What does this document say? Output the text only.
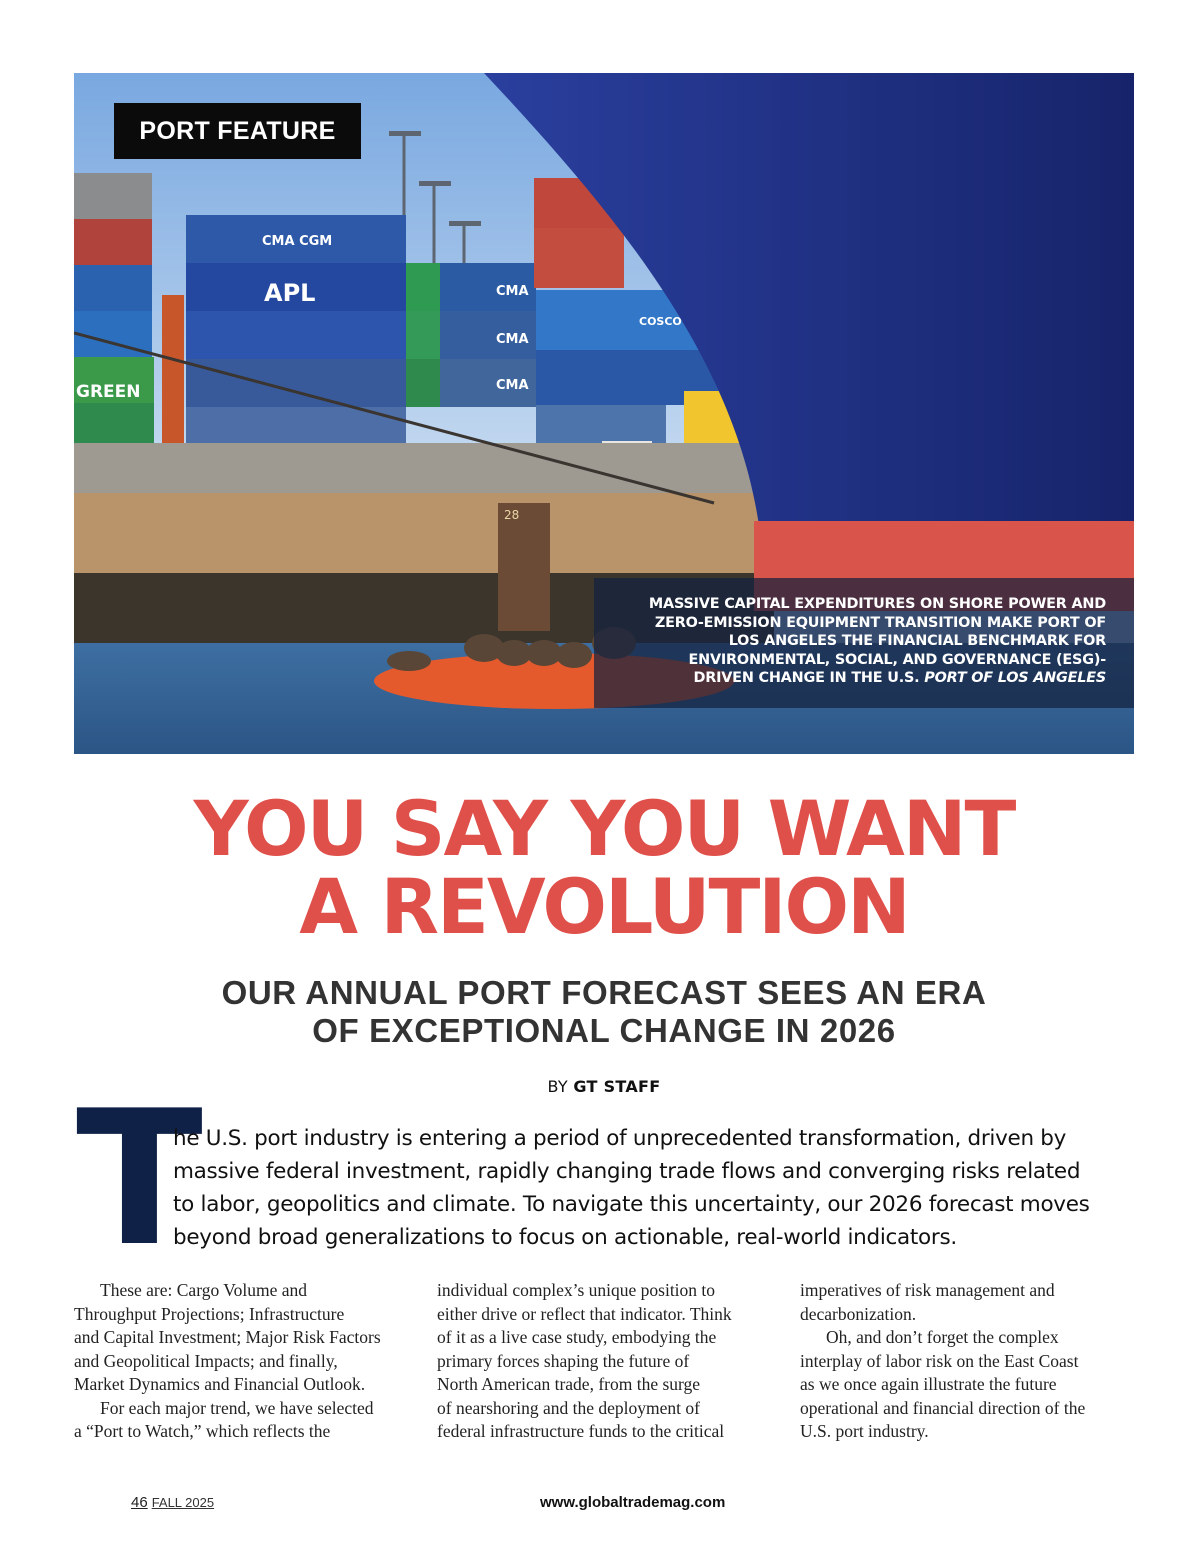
CMA CGM
APL	CMA
CMA
CMA
COSCO
GREEN
28
PORT FEATURE
MASSIVE CAPITAL EXPENDITURES ON SHORE POWER AND ZERO-EMISSION EQUIPMENT TRANSITION MAKE PORT OF LOS ANGELES THE FINANCIAL BENCHMARK FOR ENVIRONMENTAL, SOCIAL, AND GOVERNANCE (ESG)-DRIVEN CHANGE IN THE U.S. PORT OF LOS ANGELES
YOU SAY YOU WANT
A REVOLUTION
OUR ANNUAL PORT FORECAST SEES AN ERA
OF EXCEPTIONAL CHANGE IN 2026
BY GT STAFF
T
he U.S. port industry is entering a period of unprecedented transformation, driven by
massive federal investment, rapidly changing trade flows and converging risks related
to labor, geopolitics and climate. To navigate this uncertainty, our 2026 forecast moves
beyond broad generalizations to focus on actionable, real-world indicators.

These are: Cargo Volume and
Throughput Projections; Infrastructure
and Capital Investment; Major Risk Factors
and Geopolitical Impacts; and finally,
Market Dynamics and Financial Outlook.

For each major trend, we have selected
a “Port to Watch,” which reflects the

individual complex’s unique position to
either drive or reflect that indicator. Think
of it as a live case study, embodying the
primary forces shaping the future of
North American trade, from the surge
of nearshoring and the deployment of
federal infrastructure funds to the critical

imperatives of risk management and
decarbonization.

Oh, and don’t forget the complex
interplay of labor risk on the East Coast
as we once again illustrate the future
operational and financial direction of the
U.S. port industry.

46 FALL 2025	www.globaltrademag.com
